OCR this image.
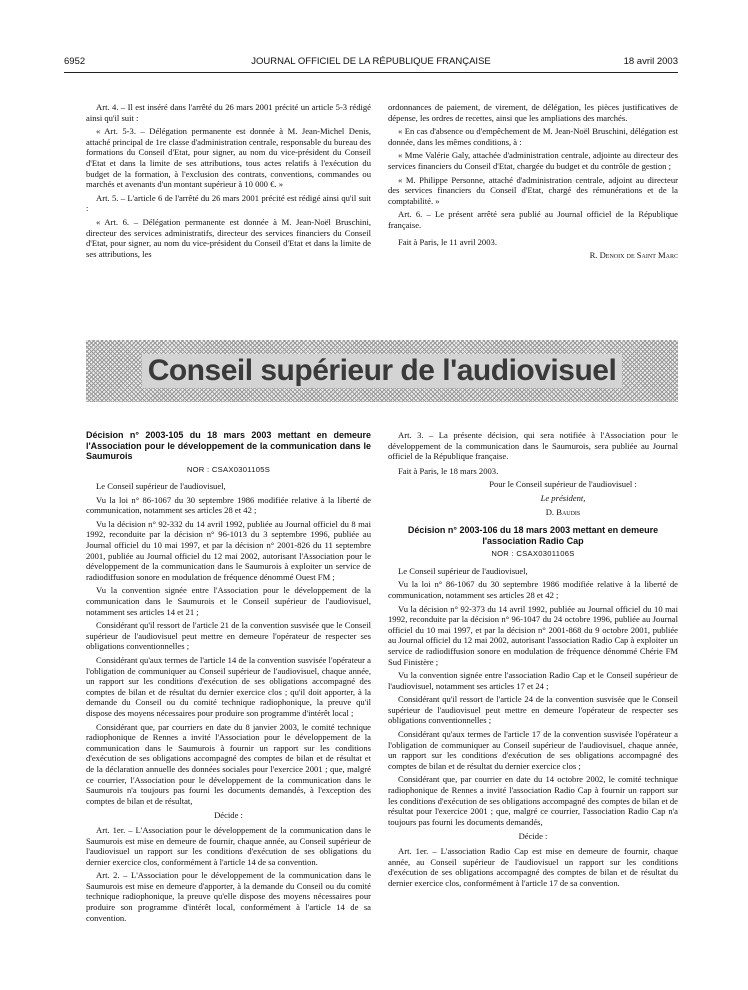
6952	JOURNAL OFFICIEL DE LA RÉPUBLIQUE FRANÇAISE	18 avril 2003

Art. 4. – Il est inséré dans l'arrêté du 26 mars 2001 précité un article 5-3 rédigé ainsi qu'il suit :

« Art. 5-3. – Délégation permanente est donnée à M. Jean-Michel Denis, attaché principal de 1re classe d'administration centrale, responsable du bureau des formations du Conseil d'Etat, pour signer, au nom du vice-président du Conseil d'Etat et dans la limite de ses attributions, tous actes relatifs à l'exécution du budget de la formation, à l'exclusion des contrats, conventions, commandes ou marchés et avenants d'un montant supérieur à 10 000 €. »

Art. 5. – L'article 6 de l'arrêté du 26 mars 2001 précité est rédigé ainsi qu'il suit :

« Art. 6. – Délégation permanente est donnée à M. Jean-Noël Bruschini, directeur des services administratifs, directeur des services financiers du Conseil d'Etat, pour signer, au nom du vice-président du Conseil d'Etat et dans la limite de ses attributions, les

ordonnances de paiement, de virement, de délégation, les pièces justificatives de dépense, les ordres de recettes, ainsi que les ampliations des marchés.

« En cas d'absence ou d'empêchement de M. Jean-Noël Bruschini, délégation est donnée, dans les mêmes conditions, à :

« Mme Valérie Galy, attachée d'administration centrale, adjointe au directeur des services financiers du Conseil d'Etat, chargée du budget et du contrôle de gestion ;

« M. Philippe Personne, attaché d'administration centrale, adjoint au directeur des services financiers du Conseil d'Etat, chargé des rémunérations et de la comptabilité. »

Art. 6. – Le présent arrêté sera publié au Journal officiel de la République française.

Fait à Paris, le 11 avril 2003.

R. Denoix de Saint Marc

Conseil supérieur de l'audiovisuel

Décision n° 2003-105 du 18 mars 2003 mettant en demeure l'Association pour le développement de la communication dans le Saumurois

NOR : CSAX0301105S

Le Conseil supérieur de l'audiovisuel,

Vu la loi n° 86-1067 du 30 septembre 1986 modifiée relative à la liberté de communication, notamment ses articles 28 et 42 ;

Vu la décision n° 92-332 du 14 avril 1992, publiée au Journal officiel du 8 mai 1992, reconduite par la décision n° 96-1013 du 3 septembre 1996, publiée au Journal officiel du 10 mai 1997, et par la décision n° 2001-826 du 11 septembre 2001, publiée au Journal officiel du 12 mai 2002, autorisant l'Association pour le développement de la communication dans le Saumurois à exploiter un service de radiodiffusion sonore en modulation de fréquence dénommé Ouest FM ;

Vu la convention signée entre l'Association pour le développement de la communication dans le Saumurois et le Conseil supérieur de l'audiovisuel, notamment ses articles 14 et 21 ;

Considérant qu'il ressort de l'article 21 de la convention susvisée que le Conseil supérieur de l'audiovisuel peut mettre en demeure l'opérateur de respecter ses obligations conventionnelles ;

Considérant qu'aux termes de l'article 14 de la convention susvisée l'opérateur a l'obligation de communiquer au Conseil supérieur de l'audiovisuel, chaque année, un rapport sur les conditions d'exécution de ses obligations accompagné des comptes de bilan et de résultat du dernier exercice clos ; qu'il doit apporter, à la demande du Conseil ou du comité technique radiophonique, la preuve qu'il dispose des moyens nécessaires pour produire son programme d'intérêt local ;

Considérant que, par courriers en date du 8 janvier 2003, le comité technique radiophonique de Rennes a invité l'Association pour le développement de la communication dans le Saumurois à fournir un rapport sur les conditions d'exécution de ses obligations accompagné des comptes de bilan et de résultat et de la déclaration annuelle des données sociales pour l'exercice 2001 ; que, malgré ce courrier, l'Association pour le développement de la communication dans le Saumurois n'a toujours pas fourni les documents demandés, à l'exception des comptes de bilan et de résultat,

Décide :

Art. 1er. – L'Association pour le développement de la communication dans le Saumurois est mise en demeure de fournir, chaque année, au Conseil supérieur de l'audiovisuel un rapport sur les conditions d'exécution de ses obligations du dernier exercice clos, conformément à l'article 14 de sa convention.

Art. 2. – L'Association pour le développement de la communication dans le Saumurois est mise en demeure d'apporter, à la demande du Conseil ou du comité technique radiophonique, la preuve qu'elle dispose des moyens nécessaires pour produire son programme d'intérêt local, conformément à l'article 14 de sa convention.

Art. 3. – La présente décision, qui sera notifiée à l'Association pour le développement de la communication dans le Saumurois, sera publiée au Journal officiel de la République française.

Fait à Paris, le 18 mars 2003.

Pour le Conseil supérieur de l'audiovisuel :

Le président,

D. Baudis

Décision n° 2003-106 du 18 mars 2003 mettant en demeure l'association Radio Cap

NOR : CSAX0301106S

Le Conseil supérieur de l'audiovisuel,

Vu la loi n° 86-1067 du 30 septembre 1986 modifiée relative à la liberté de communication, notamment ses articles 28 et 42 ;

Vu la décision n° 92-373 du 14 avril 1992, publiée au Journal officiel du 10 mai 1992, reconduite par la décision n° 96-1047 du 24 octobre 1996, publiée au Journal officiel du 10 mai 1997, et par la décision n° 2001-868 du 9 octobre 2001, publiée au Journal officiel du 12 mai 2002, autorisant l'association Radio Cap à exploiter un service de radiodiffusion sonore en modulation de fréquence dénommé Chérie FM Sud Finistère ;

Vu la convention signée entre l'association Radio Cap et le Conseil supérieur de l'audiovisuel, notamment ses articles 17 et 24 ;

Considérant qu'il ressort de l'article 24 de la convention susvisée que le Conseil supérieur de l'audiovisuel peut mettre en demeure l'opérateur de respecter ses obligations conventionnelles ;

Considérant qu'aux termes de l'article 17 de la convention susvisée l'opérateur a l'obligation de communiquer au Conseil supérieur de l'audiovisuel, chaque année, un rapport sur les conditions d'exécution de ses obligations accompagné des comptes de bilan et de résultat du dernier exercice clos ;

Considérant que, par courrier en date du 14 octobre 2002, le comité technique radiophonique de Rennes a invité l'association Radio Cap à fournir un rapport sur les conditions d'exécution de ses obligations accompagné des comptes de bilan et de résultat pour l'exercice 2001 ; que, malgré ce courrier, l'association Radio Cap n'a toujours pas fourni les documents demandés,

Décide :

Art. 1er. – L'association Radio Cap est mise en demeure de fournir, chaque année, au Conseil supérieur de l'audiovisuel un rapport sur les conditions d'exécution de ses obligations accompagné des comptes de bilan et de résultat du dernier exercice clos, conformément à l'article 17 de sa convention.
